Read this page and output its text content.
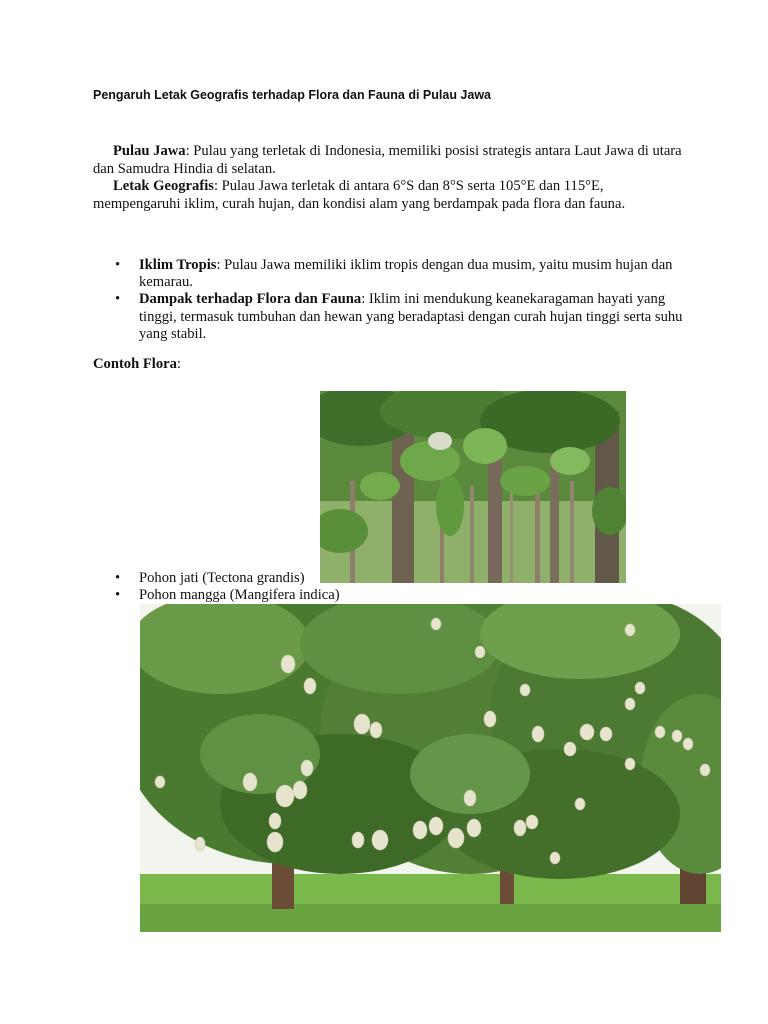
Pengaruh Letak Geografis terhadap Flora dan Fauna di Pulau Jawa

Pulau Jawa: Pulau yang terletak di Indonesia, memiliki posisi strategis antara Laut Jawa di utara dan Samudra Hindia di selatan.

Letak Geografis: Pulau Jawa terletak di antara 6°S dan 8°S serta 105°E dan 115°E, mempengaruhi iklim, curah hujan, dan kondisi alam yang berdampak pada flora dan fauna.

• Iklim Tropis: Pulau Jawa memiliki iklim tropis dengan dua musim, yaitu musim hujan dan kemarau.
• Dampak terhadap Flora dan Fauna: Iklim ini mendukung keanekaragaman hayati yang tinggi, termasuk tumbuhan dan hewan yang beradaptasi dengan curah hujan tinggi serta suhu yang stabil.

Contoh Flora:

• Pohon jati (Tectona grandis)
• Pohon mangga (Mangifera indica)
